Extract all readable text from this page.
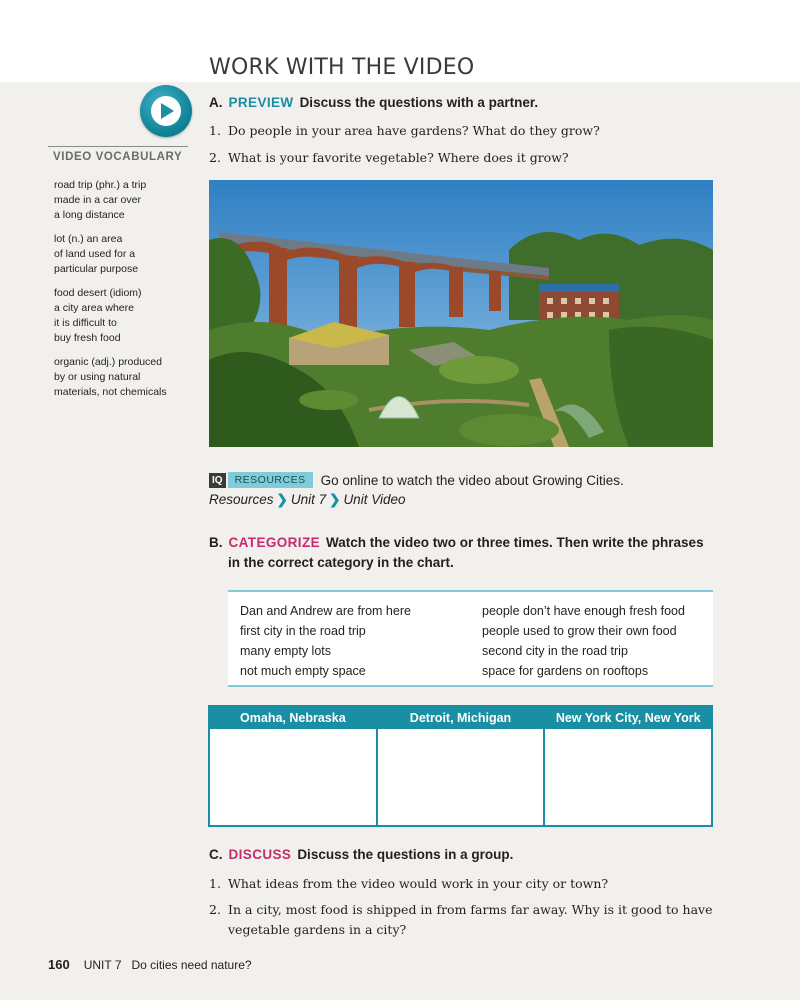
WORK WITH THE VIDEO
VIDEO VOCABULARY
road trip (phr.) a trip
made in a car over
a long distance
lot (n.) an area
of land used for a
particular purpose
food desert (idiom)
a city area where
it is difficult to
buy fresh food
organic (adj.) produced
by or using natural
materials, not chemicals
A. PREVIEW Discuss the questions with a partner.
1. Do people in your area have gardens? What do they grow?
2. What is your favorite vegetable? Where does it grow?
IQ RESOURCES Go online to watch the video about Growing Cities.
Resources ❯ Unit 7 ❯ Unit Video
B. CATEGORIZE Watch the video two or three times. Then write the phrases
in the correct category in the chart.
Dan and Andrew are from here
first city in the road trip
many empty lots
not much empty space
people don’t have enough fresh food
people used to grow their own food
second city in the road trip
space for gardens on rooftops
Omaha, Nebraska	Detroit, Michigan	New York City, New York
C. DISCUSS Discuss the questions in a group.
1. What ideas from the video would work in your city or town?
2. In a city, most food is shipped in from farms far away. Why is it good to have
vegetable gardens in a city?
160 UNIT 7 Do cities need nature?
